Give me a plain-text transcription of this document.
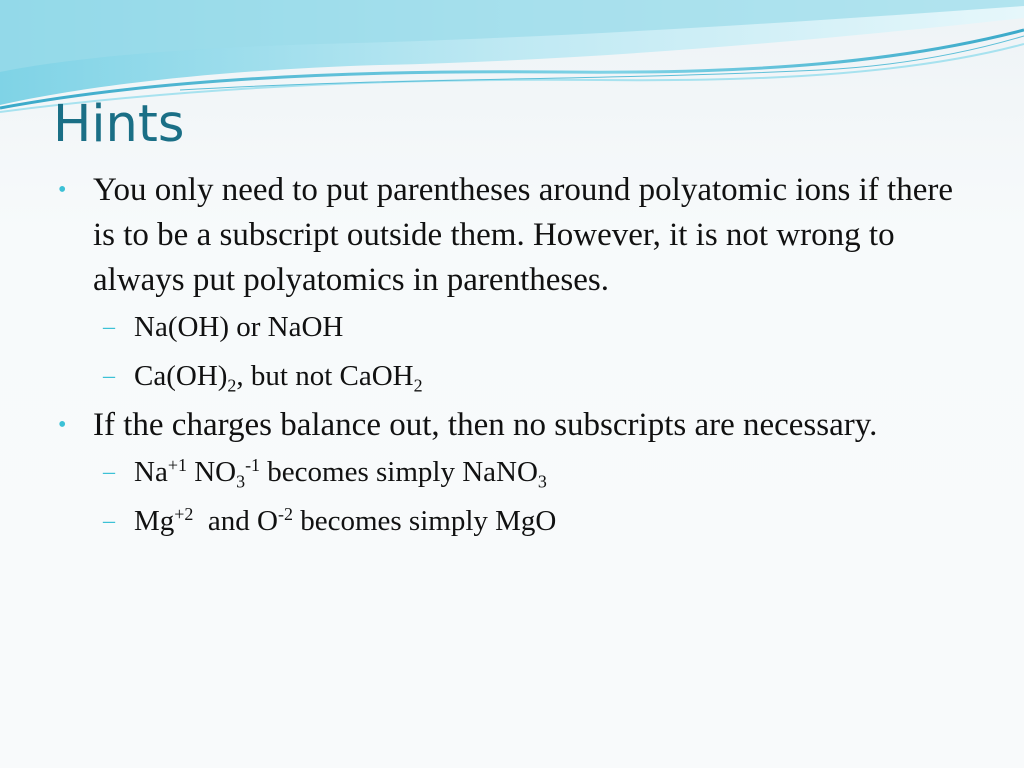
Hints

• You only need to put parentheses around polyatomic ions if there is to be a subscript outside them. However, it is not wrong to always put polyatomics in parentheses.

– Na(OH) or NaOH

– $Ca(OH)_2$, but not CaOH$_2$

• If the charges balance out, then no subscripts are necessary.

– $Na^{+1}$ $NO_3^{-1}$ becomes simply NaNO$_3$

– $Mg^{+2}$  and $O^{-2}$ becomes simply MgO
